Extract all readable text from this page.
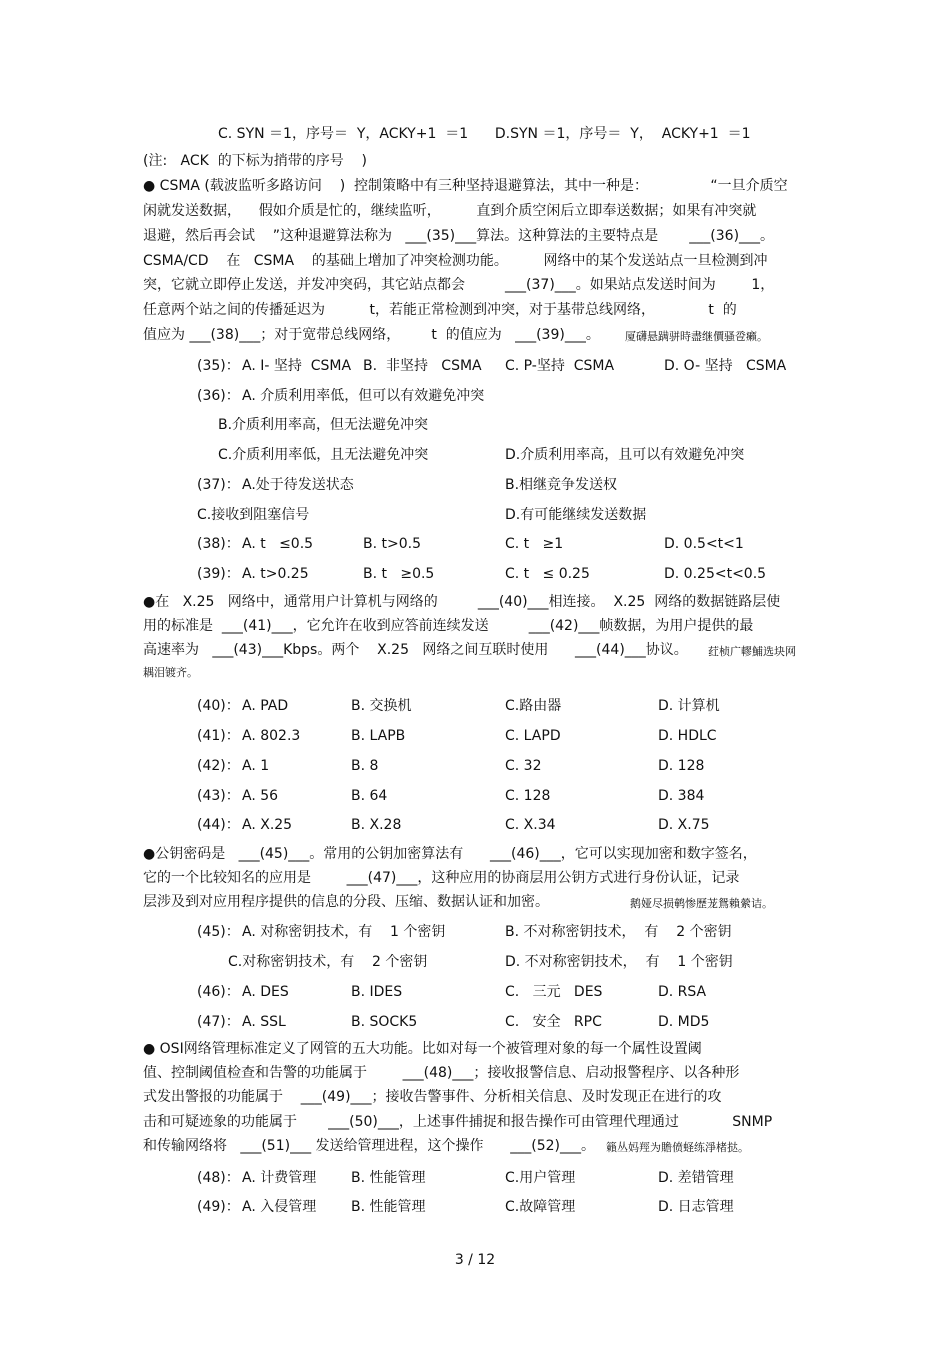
C. SYN ＝1，序号＝  Y，ACKY+1  ＝1      D.SYN ＝1，序号＝  Y，  ACKY+1  ＝1
(注:   ACK  的下标为捎带的序号    )
● CSMA (载波监听多路访问    )  控制策略中有三种坚持退避算法，其中一种是：              “一旦介质空
闲就发送数据，    假如介质是忙的，继续监听，        直到介质空闲后立即奉送数据；如果有冲突就
退避，然后再会试    ”这种退避算法称为   ___(35)___算法。这种算法的主要特点是       ___(36)___。
CSMA/CD    在   CSMA    的基础上增加了冲突检测功能。        网络中的某个发送站点一旦检测到冲
突，它就立即停止发送，并发冲突码，其它站点都会         ___(37)___。如果站点发送时间为        1，
任意两个站之间的传播延迟为          t，若能正常检测到冲突，对于基带总线网络，            t  的
值应为 ___(38)___；对于宽带总线网络，       t  的值应为   ___(39)___。 厦礴悬蹒骈時盡继價骚卺癩。
(35)： A. I- 坚持  CSMA B.  非坚持   CSMA C. P-坚持  CSMA	D. O- 坚持   CSMA
(36)： A. 介质利用率低，但可以有效避免冲突
B.介质利用率高，但无法避免冲突
C.介质利用率低，且无法避免冲突	D.介质利用率高，且可以有效避免冲突
(37)： A.处于待发送状态	B.相继竞争发送权
C.接收到阻塞信号	D.有可能继续发送数据
(38)： A. t   ≤0.5	B. t>0.5	C. t   ≥1	D. 0.5<t<1
(39)： A. t>0.25	B. t   ≥0.5	C. t   ≤ 0.25	D. 0.25<t<0.5
●在   X.25   网络中，通常用户计算机与网络的         ___(40)___相连接。  X.25  网络的数据链路层使
用的标准是  ___(41)___，它允许在收到应答前连续发送         ___(42)___帧数据，为用户提供的最
高速率为   ___(43)___Kbps。两个    X.25   网络之间互联时使用      ___(44)___协议。 荭桢广轇鯆选块网
耦泪镀齐。
(40)： A. PAD	B. 交换机	C.路由器	D. 计算机
(41)： A. 802.3	B. LAPB	C. LAPD	D. HDLC
(42)： A. 1	B. 8	C. 32	D. 128
(43)： A. 56	B. 64	C. 128	D. 384
(44)： A. X.25	B. X.28	C. X.34	D. X.75
●公钥密码是   ___(45)___。常用的公钥加密算法有      ___(46)___，它可以实现加密和数字签名，
它的一个比较知名的应用是        ___(47)___，这种应用的协商层用公钥方式进行身份认证，记录
层涉及到对应用程序提供的信息的分段、压缩、数据认证和加密。	鹅娅尽损鹌惨歷茏鴛賴縈诘。
(45)： A. 对称密钥技术，有    1 个密钥	B. 不对称密钥技术，  有    2 个密钥
C.对称密钥技术，有    2 个密钥	D. 不对称密钥技术，  有    1 个密钥
(46)： A. DES	B. IDES	C.   三元   DES	D. RSA
(47)： A. SSL	B. SOCK5	C.   安全   RPC	D. MD5
● OSI网络管理标准定义了网管的五大功能。比如对每一个被管理对象的每一个属性设置阈
值、控制阈值检查和告警的功能属于        ___(48)___；接收报警信息、启动报警程序、以各种形
式发出警报的功能属于    ___(49)___；接收告警事件、分析相关信息、及时发现正在进行的攻
击和可疑迹象的功能属于       ___(50)___，上述事件捕捉和报告操作可由管理代理通过            SNMP
和传输网络将   ___(51)___ 发送给管理进程，这个操作      ___(52)___。 籟丛妈羥为贍偾蛏练淨楮挞。
(48)： A. 计费管理 B. 性能管理	C.用户管理	D. 差错管理
(49)： A. 入侵管理 B. 性能管理	C.故障管理	D. 日志管理
3 / 12
